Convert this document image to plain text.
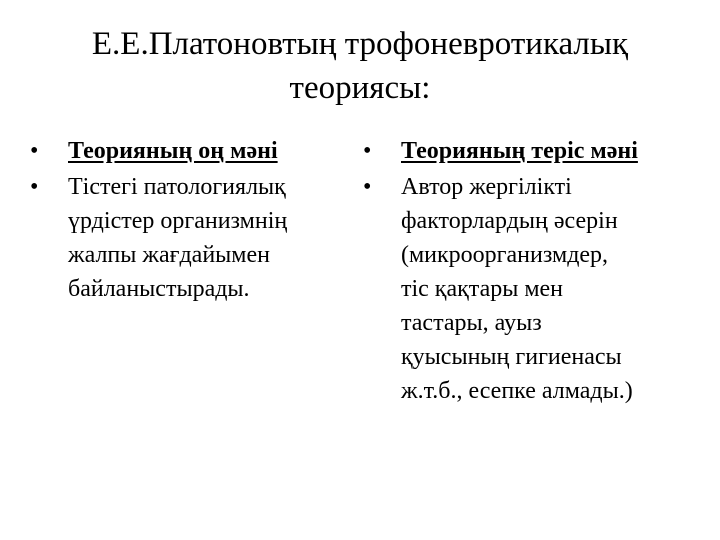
Е.Е.Платоновтың трофоневротикалық
теориясы:
•	Теорияның оң мәні
•	Тістегі патологиялық
үрдістер организмнің
жалпы жағдайымен
байланыстырады.
•	Теорияның теріс мәні
•	Автор жергілікті
факторлардың әсерін
(микроорганизмдер,
тіс қақтары мен
тастары, ауыз
қуысының гигиенасы
ж.т.б., есепке алмады.)
